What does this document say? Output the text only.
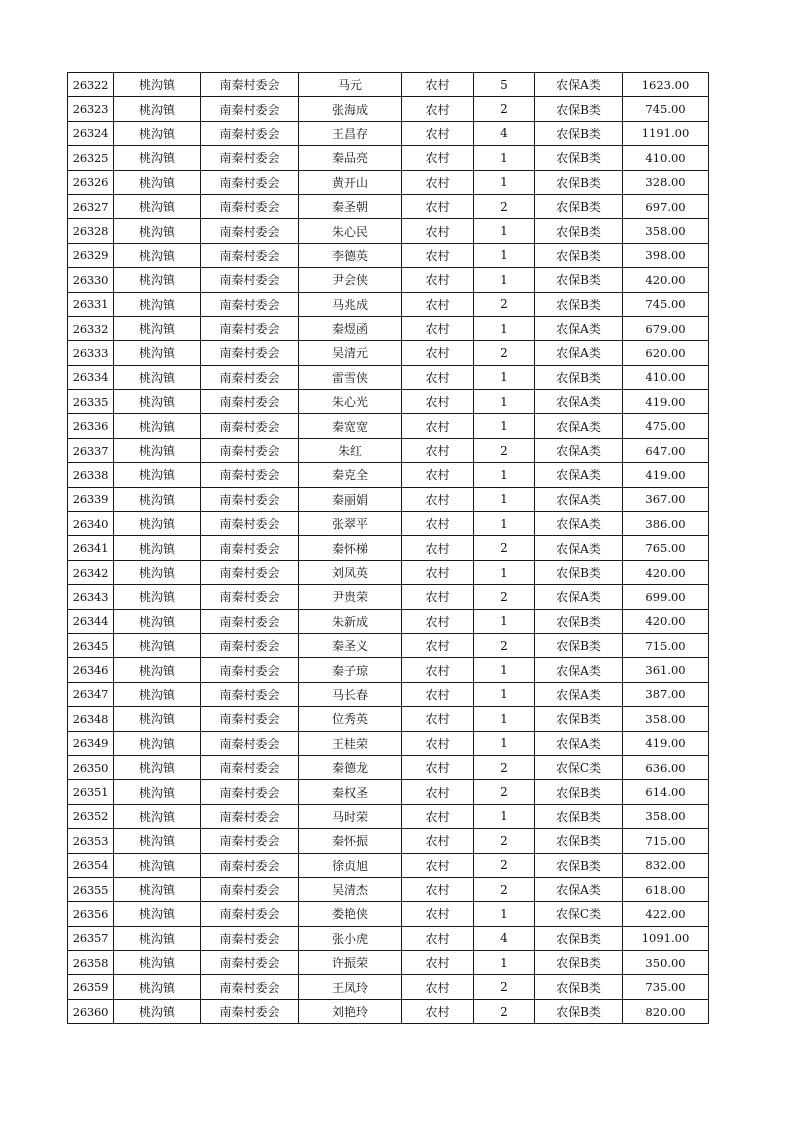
26322	桃沟镇	南秦村委会	马元	农村	5	农保A类	1623.00
26323	桃沟镇	南秦村委会	张海成	农村	2	农保B类	745.00
26324	桃沟镇	南秦村委会	王昌存	农村	4	农保B类	1191.00
26325	桃沟镇	南秦村委会	秦品亮	农村	1	农保B类	410.00
26326	桃沟镇	南秦村委会	黄开山	农村	1	农保B类	328.00
26327	桃沟镇	南秦村委会	秦圣朝	农村	2	农保B类	697.00
26328	桃沟镇	南秦村委会	朱心民	农村	1	农保B类	358.00
26329	桃沟镇	南秦村委会	李德英	农村	1	农保B类	398.00
26330	桃沟镇	南秦村委会	尹会侠	农村	1	农保B类	420.00
26331	桃沟镇	南秦村委会	马兆成	农村	2	农保B类	745.00
26332	桃沟镇	南秦村委会	秦煜函	农村	1	农保A类	679.00
26333	桃沟镇	南秦村委会	吴清元	农村	2	农保A类	620.00
26334	桃沟镇	南秦村委会	雷雪侠	农村	1	农保B类	410.00
26335	桃沟镇	南秦村委会	朱心光	农村	1	农保A类	419.00
26336	桃沟镇	南秦村委会	秦宽宽	农村	1	农保A类	475.00
26337	桃沟镇	南秦村委会	朱红	农村	2	农保A类	647.00
26338	桃沟镇	南秦村委会	秦克全	农村	1	农保A类	419.00
26339	桃沟镇	南秦村委会	秦丽娟	农村	1	农保A类	367.00
26340	桃沟镇	南秦村委会	张翠平	农村	1	农保A类	386.00
26341	桃沟镇	南秦村委会	秦怀梯	农村	2	农保A类	765.00
26342	桃沟镇	南秦村委会	刘凤英	农村	1	农保B类	420.00
26343	桃沟镇	南秦村委会	尹贵荣	农村	2	农保A类	699.00
26344	桃沟镇	南秦村委会	朱新成	农村	1	农保B类	420.00
26345	桃沟镇	南秦村委会	秦圣义	农村	2	农保B类	715.00
26346	桃沟镇	南秦村委会	秦子琼	农村	1	农保A类	361.00
26347	桃沟镇	南秦村委会	马长春	农村	1	农保A类	387.00
26348	桃沟镇	南秦村委会	位秀英	农村	1	农保B类	358.00
26349	桃沟镇	南秦村委会	王桂荣	农村	1	农保A类	419.00
26350	桃沟镇	南秦村委会	秦德龙	农村	2	农保C类	636.00
26351	桃沟镇	南秦村委会	秦权圣	农村	2	农保B类	614.00
26352	桃沟镇	南秦村委会	马时荣	农村	1	农保B类	358.00
26353	桃沟镇	南秦村委会	秦怀振	农村	2	农保B类	715.00
26354	桃沟镇	南秦村委会	徐贞旭	农村	2	农保B类	832.00
26355	桃沟镇	南秦村委会	吴清杰	农村	2	农保A类	618.00
26356	桃沟镇	南秦村委会	娄艳侠	农村	1	农保C类	422.00
26357	桃沟镇	南秦村委会	张小虎	农村	4	农保B类	1091.00
26358	桃沟镇	南秦村委会	许振荣	农村	1	农保B类	350.00
26359	桃沟镇	南秦村委会	王凤玲	农村	2	农保B类	735.00
26360	桃沟镇	南秦村委会	刘艳玲	农村	2	农保B类	820.00
